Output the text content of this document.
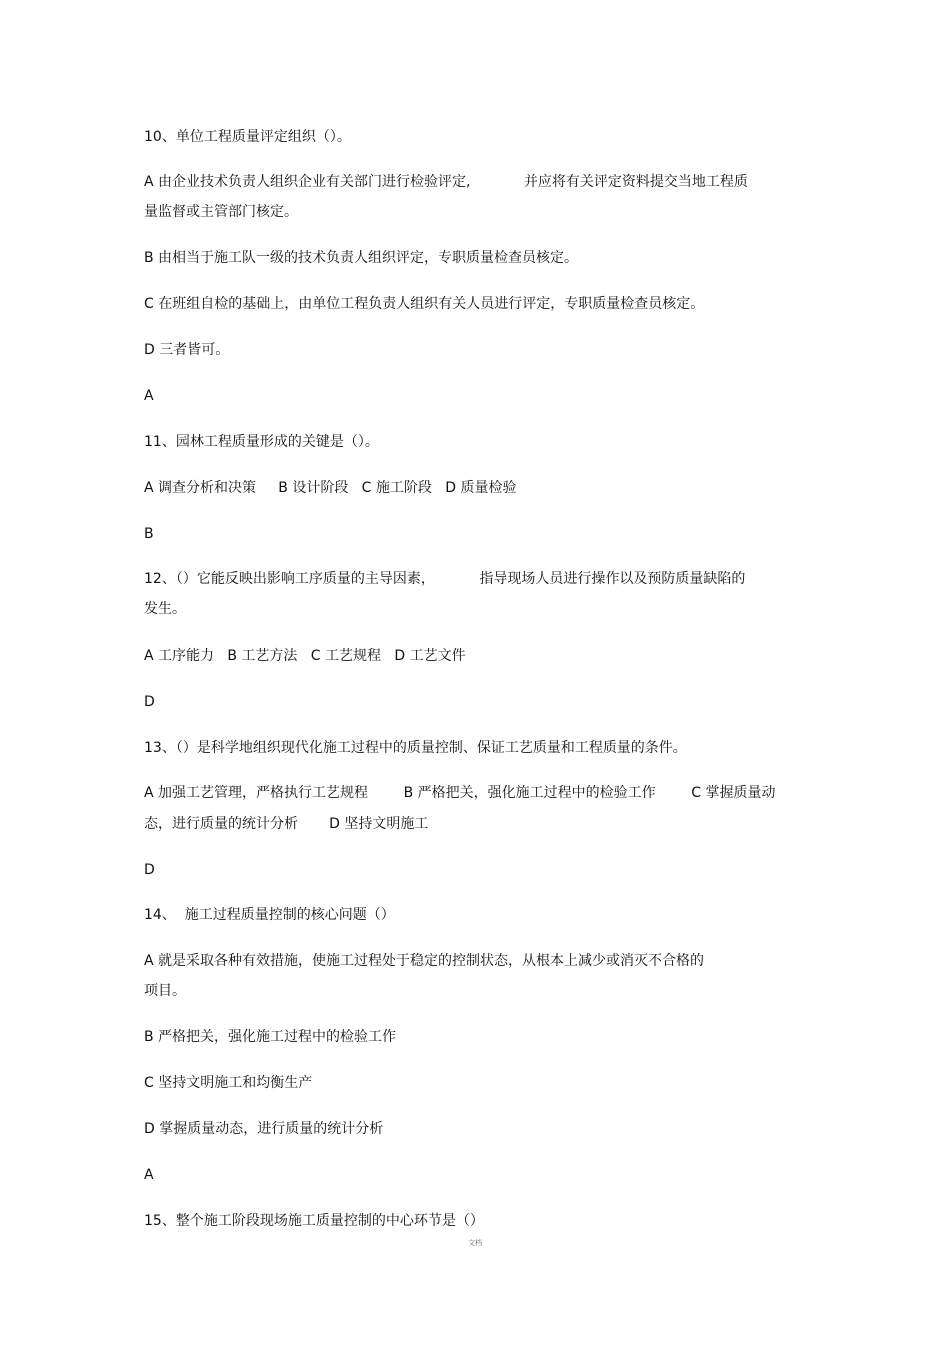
10、单位工程质量评定组织（）。
A 由企业技术负责人组织企业有关部门进行检验评定,            并应将有关评定资料提交当地工程质
量监督或主管部门核定。
B 由相当于施工队一级的技术负责人组织评定，专职质量检查员核定。
C 在班组自检的基础上，由单位工程负责人组织有关人员进行评定，专职质量检查员核定。
D 三者皆可。
A
11、园林工程质量形成的关键是（）。
A 调查分析和决策     B 设计阶段   C 施工阶段   D 质量检验
B
12、（）它能反映出影响工序质量的主导因素，          指导现场人员进行操作以及预防质量缺陷的
发生。
A 工序能力   B 工艺方法   C 工艺规程   D 工艺文件
D
13、（）是科学地组织现代化施工过程中的质量控制、保证工艺质量和工程质量的条件。
A 加强工艺管理，严格执行工艺规程        B 严格把关，强化施工过程中的检验工作        C 掌握质量动
态，进行质量的统计分析       D 坚持文明施工
D
14、  施工过程质量控制的核心问题（）
A 就是采取各种有效措施，使施工过程处于稳定的控制状态，从根本上减少或消灭不合格的
项目。
B 严格把关，强化施工过程中的检验工作
C 坚持文明施工和均衡生产
D 掌握质量动态，进行质量的统计分析
A
15、整个施工阶段现场施工质量控制的中心环节是（）
文档
